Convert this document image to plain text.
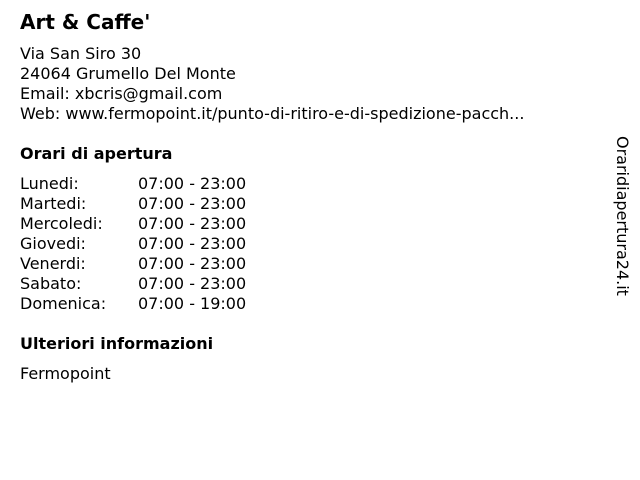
Art & Caffe'
Via San Siro 30
24064 Grumello Del Monte
Email: xbcris@gmail.com
Web: www.fermopoint.it/punto-di-ritiro-e-di-spedizione-pacch...
Orari di apertura
Lunedi:	07:00 - 23:00
Martedi:	07:00 - 23:00
Mercoledi: 07:00 - 23:00
Giovedi:	07:00 - 23:00
Venerdi:	07:00 - 23:00
Sabato:	07:00 - 23:00
Domenica: 07:00 - 19:00
Ulteriori informazioni
Fermopoint
Oraridiapertura24.it
